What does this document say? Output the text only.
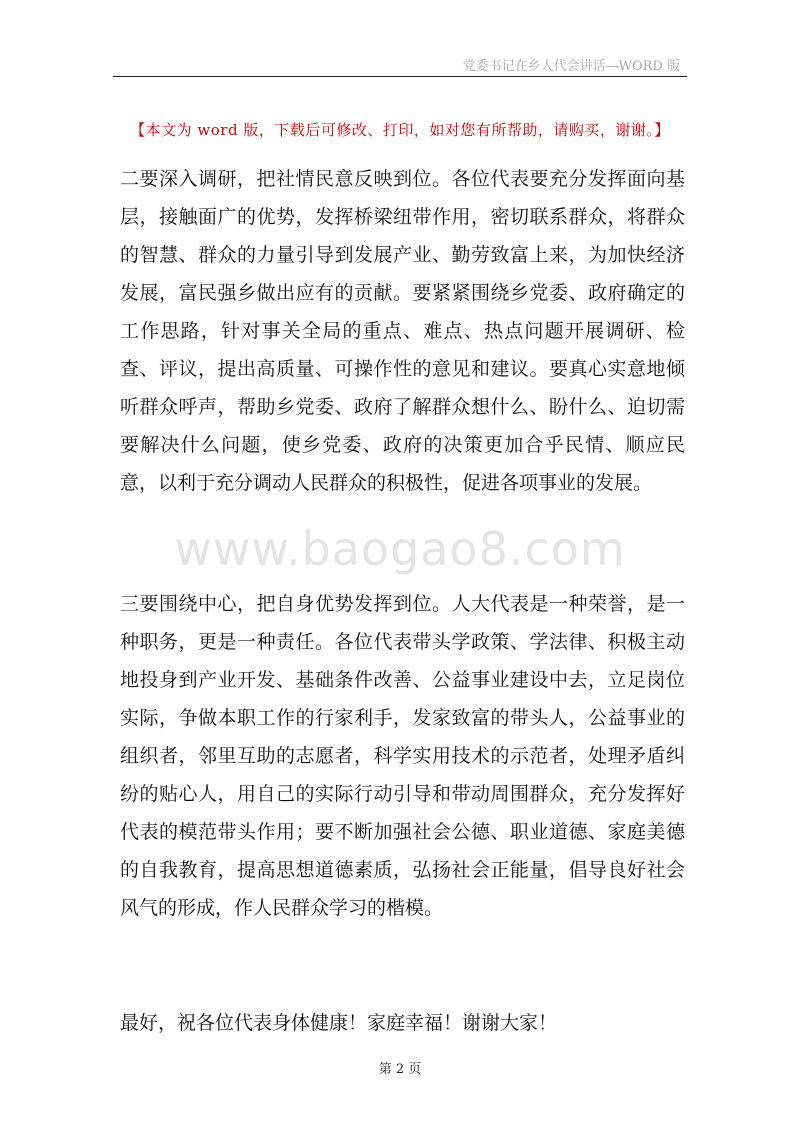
党委书记在乡人代会讲话—WORD 版
【本文为 word 版，下载后可修改、打印，如对您有所帮助，请购买，谢谢。】

二要深入调研，把社情民意反映到位。各位代表要充分发挥面向基层，接触面广的优势，发挥桥梁纽带作用，密切联系群众，将群众的智慧、群众的力量引导到发展产业、勤劳致富上来，为加快经济发展，富民强乡做出应有的贡献。要紧紧围绕乡党委、政府确定的工作思路，针对事关全局的重点、难点、热点问题开展调研、检查、评议，提出高质量、可操作性的意见和建议。要真心实意地倾听群众呼声，帮助乡党委、政府了解群众想什么、盼什么、迫切需要解决什么问题，使乡党委、政府的决策更加合乎民情、顺应民意，以利于充分调动人民群众的积极性，促进各项事业的发展。

www.baogao8.com

三要围绕中心，把自身优势发挥到位。人大代表是一种荣誉，是一种职务，更是一种责任。各位代表带头学政策、学法律、积极主动地投身到产业开发、基础条件改善、公益事业建设中去，立足岗位实际，争做本职工作的行家利手，发家致富的带头人，公益事业的组织者，邻里互助的志愿者，科学实用技术的示范者，处理矛盾纠纷的贴心人，用自己的实际行动引导和带动周围群众，充分发挥好代表的模范带头作用；要不断加强社会公德、职业道德、家庭美德的自我教育，提高思想道德素质，弘扬社会正能量，倡导良好社会风气的形成，作人民群众学习的楷模。

最好，祝各位代表身体健康！家庭幸福！谢谢大家！

第 2 页
